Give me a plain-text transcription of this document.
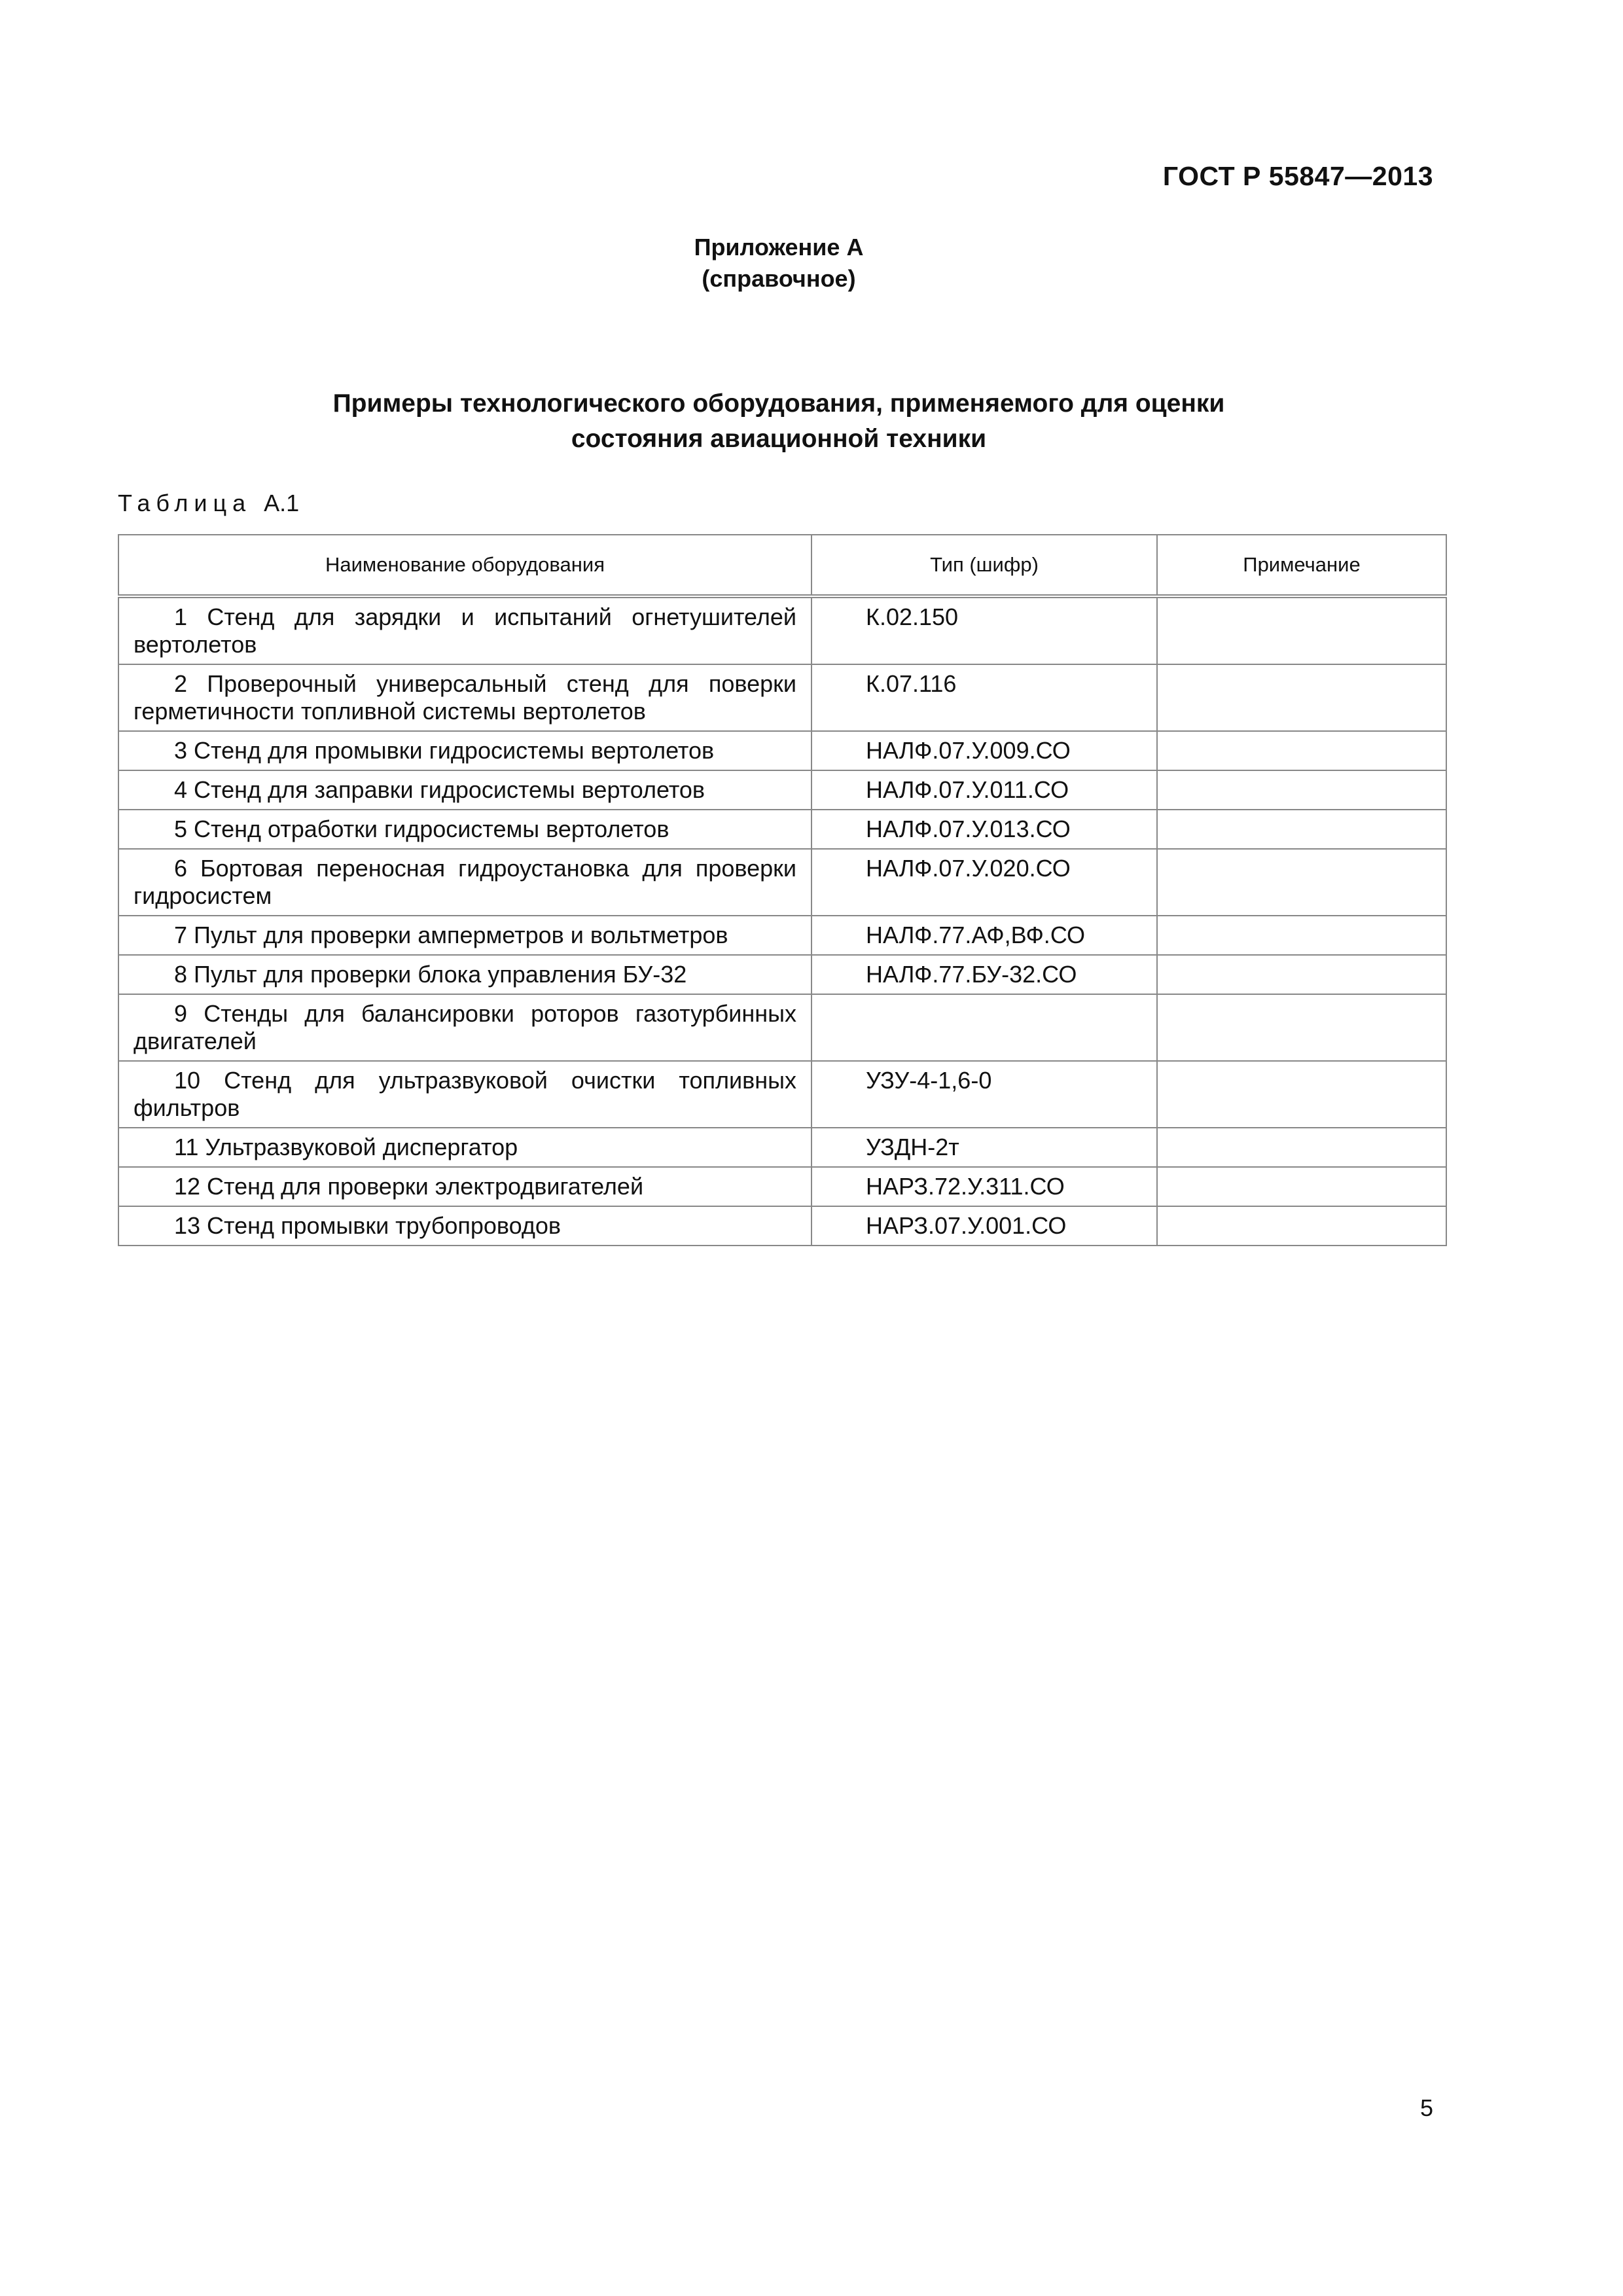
ГОСТ Р 55847—2013
Приложение А
(справочное)
Примеры технологического оборудования, применяемого для оценки
состояния авиационной техники
Таблица А.1
Наименование оборудования	Тип (шифр)	Примечание

1 Стенд для зарядки и испытаний огнетушителей вертолетов	К.02.150	

2 Проверочный универсальный стенд для поверки герметичности топливной системы вертолетов	К.07.116	

3 Стенд для промывки гидросистемы вертолетов	НАЛФ.07.У.009.СО	

4 Стенд для заправки гидросистемы вертолетов	НАЛФ.07.У.011.СО	

5 Стенд отработки гидросистемы вертолетов	НАЛФ.07.У.013.СО	

6 Бортовая переносная гидроустановка для проверки гидросистем	НАЛФ.07.У.020.СО	

7 Пульт для проверки амперметров и вольтметров	НАЛФ.77.АФ,ВФ.СО	

8 Пульт для проверки блока управления БУ-32	НАЛФ.77.БУ-32.СО	

9 Стенды для балансировки роторов газотурбинных двигателей		

10 Стенд для ультразвуковой очистки топливных фильтров	УЗУ-4-1,6-0	

11 Ультразвуковой диспергатор	УЗДН-2т	

12 Стенд для проверки электродвигателей	НАРЗ.72.У.311.СО	

13 Стенд промывки трубопроводов	НАРЗ.07.У.001.СО	
5
